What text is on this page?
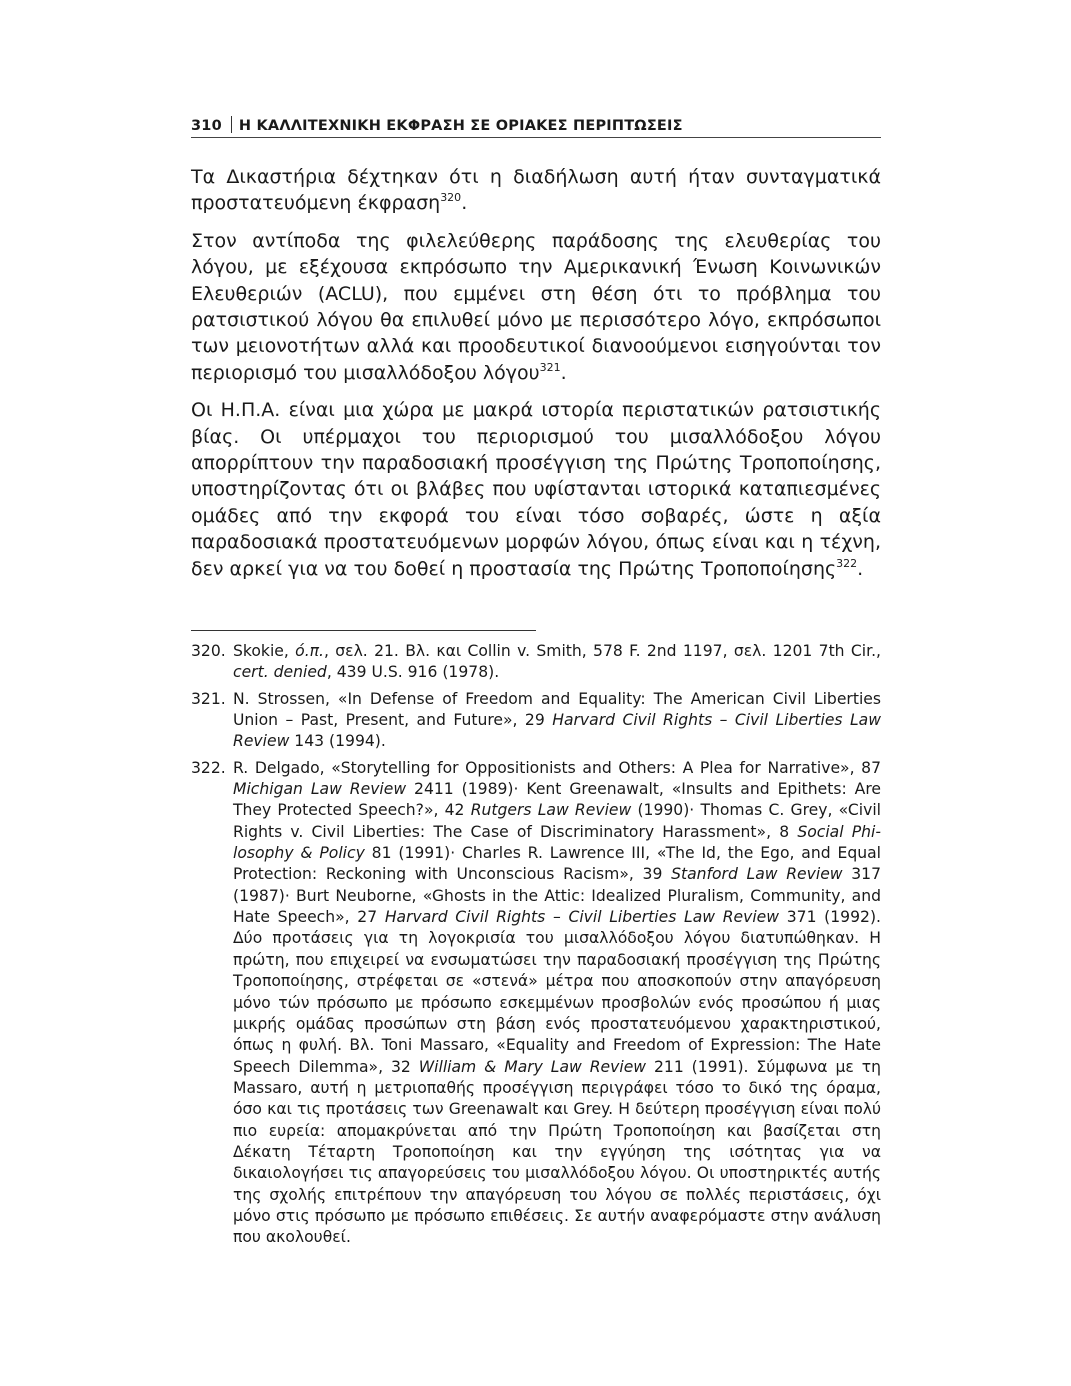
310 Η ΚΑΛΛΙΤΕΧΝΙΚΗ ΕΚΦΡΑΣΗ ΣΕ ΟΡΙΑΚΕΣ ΠΕΡΙΠΤΩΣΕΙΣ

Τα Δικαστήρια δέχτηκαν ότι η διαδήλωση αυτή ήταν συνταγματικά προστατευόμενη έκφραση$^{320}$.

Στον αντίποδα της φιλελεύθερης παράδοσης της ελευθερίας του λόγου, με εξέχουσα εκπρόσωπο την Αμερικανική Ένωση Κοινωνικών Ελευθεριών (ACLU), που εμμένει στη θέση ότι το πρόβλημα του ρατσιστικού λόγου θα επιλυθεί μόνο με περισσότερο λόγο, εκπρόσωποι των μειονοτήτων αλλά και προοδευτικοί διανοούμενοι εισηγούνται τον περιορισμό του μισαλλόδοξου λόγου$^{321}$.

Οι Η.Π.Α. είναι μια χώρα με μακρά ιστορία περιστατικών ρατσιστικής βίας. Οι υπέρμαχοι του περιορισμού του μισαλλόδοξου λόγου απορρίπτουν την παραδοσιακή προσέγγιση της Πρώτης Τροποποίησης, υποστηρίζοντας ότι οι βλάβες που υφίστανται ιστορικά καταπιεσμένες ομάδες από την εκφορά του είναι τόσο σοβαρές, ώστε η αξία παραδοσιακά προστατευόμενων μορφών λόγου, όπως είναι και η τέχνη, δεν αρκεί για να του δοθεί η προστασία της Πρώτης Τροποποίησης$^{322}$.

320. Skokie, ό.π., σελ. 21. Βλ. και Collin v. Smith, 578 F. 2nd 1197, σελ. 1201 7th Cir., cert. denied, 439 U.S. 916 (1978).
321. N. Strossen, «In Defense of Freedom and Equality: The American Civil Liberties Union – Past, Present, and Future», 29 Harvard Civil Rights – Civil Liberties Law Review 143 (1994).
322. R. Delgado, «Storytelling for Oppositionists and Others: A Plea for Narrative», 87 Michigan Law Review 2411 (1989)· Kent Greenawalt, «Insults and Epithets: Are They Protected Speech?», 42 Rutgers Law Review (1990)· Thomas C. Grey, «Civil Rights v. Civil Liberties: The Case of Discriminatory Harassment», 8 Social Philosophy & Policy 81 (1991)· Charles R. Lawrence III, «The Id, the Ego, and Equal Protection: Reckoning with Unconscious Racism», 39 Stanford Law Review 317 (1987)· Burt Neuborne, «Ghosts in the Attic: Idealized Pluralism, Community, and Hate Speech», 27 Harvard Civil Rights – Civil Liberties Law Review 371 (1992). Δύο προτάσεις για τη λογοκρισία του μισαλλόδοξου λόγου διατυπώθηκαν. Η πρώτη, που επιχειρεί να ενσωματώσει την παραδοσιακή προσέγγιση της Πρώτης Τροποποίησης, στρέφεται σε «στενά» μέτρα που αποσκοπούν στην απαγόρευση μόνο τών πρόσωπο με πρόσωπο εσκεμμένων προσβολών ενός προσώπου ή μιας μικρής ομάδας προσώπων στη βάση ενός προστατευόμενου χαρακτηριστικού, όπως η φυλή. Βλ. Toni Massaro, «Equality and Freedom of Expression: The Hate Speech Dilemma», 32 William & Mary Law Review 211 (1991). Σύμφωνα με τη Massaro, αυτή η μετριοπαθής προσέγγιση περιγράφει τόσο το δικό της όραμα, όσο και τις προτάσεις των Greenawalt και Grey. Η δεύτερη προσέγγιση είναι πολύ πιο ευρεία: απομακρύνεται από την Πρώτη Τροποποίηση και βασίζεται στη Δέκατη Τέταρτη Τροποποίηση και την εγγύηση της ισότητας για να δικαιολογήσει τις απαγορεύσεις του μισαλλόδοξου λόγου. Οι υποστηρικτές αυτής της σχολής επιτρέπουν την απαγόρευση του λόγου σε πολλές περιστάσεις, όχι μόνο στις πρόσωπο με πρόσωπο επιθέσεις. Σε αυτήν αναφερόμαστε στην ανάλυση που ακολουθεί.
